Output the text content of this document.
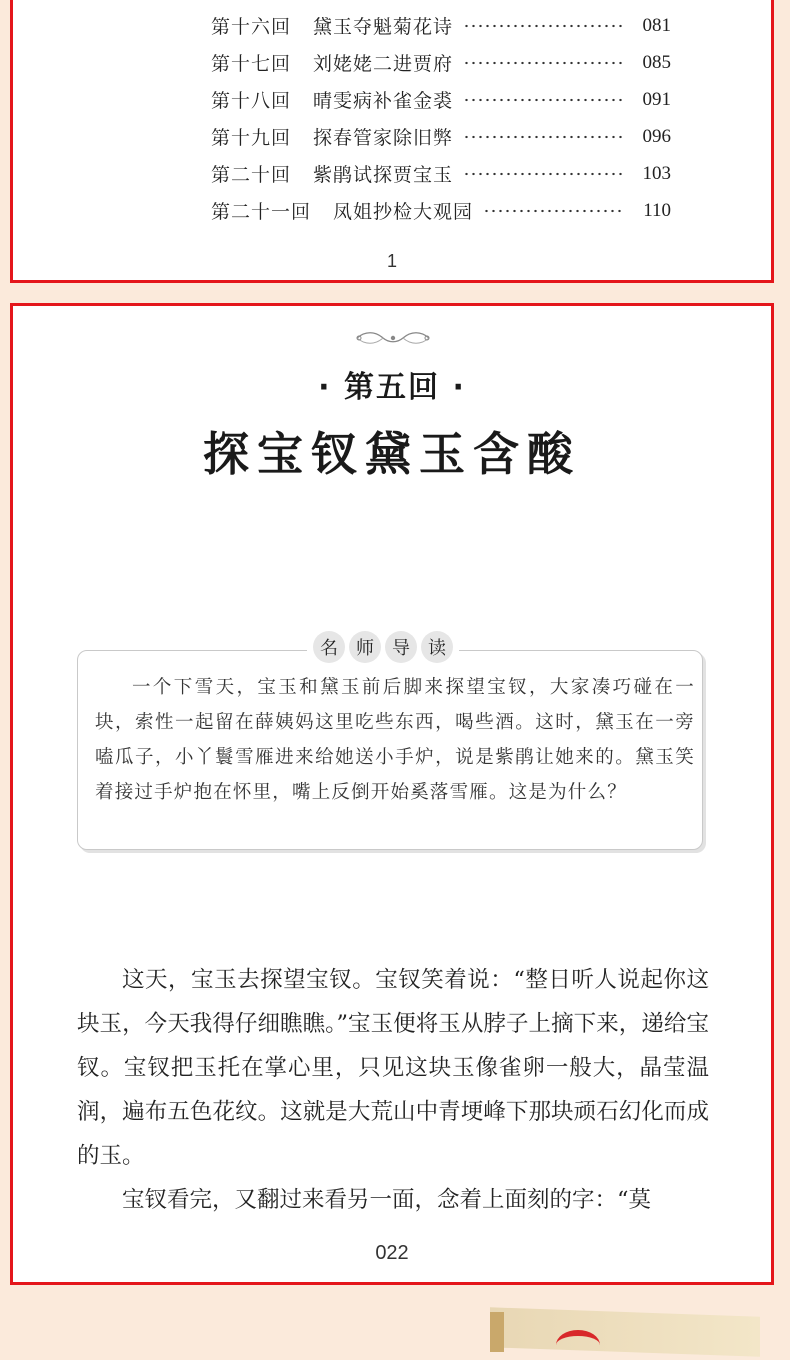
第十六回 黛玉夺魁菊花诗	081
第十七回 刘姥姥二进贾府	085
第十八回 晴雯病补雀金裘	091
第十九回 探春管家除旧弊	096
第二十回 紫鹃试探贾宝玉	103
第二十一回 凤姐抄检大观园	110
1
· 第五回 ·
探宝钗黛玉含酸
名	师	导	读
一个下雪天，宝玉和黛玉前后脚来探望宝钗，大家凑巧碰在一块，索性一起留在薛姨妈这里吃些东西，喝些酒。这时，黛玉在一旁嗑瓜子，小丫鬟雪雁进来给她送小手炉，说是紫鹃让她来的。黛玉笑着接过手炉抱在怀里，嘴上反倒开始奚落雪雁。这是为什么？

这天，宝玉去探望宝钗。宝钗笑着说：“整日听人说起你这块玉，今天我得仔细瞧瞧。”宝玉便将玉从脖子上摘下来，递给宝钗。宝钗把玉托在掌心里，只见这块玉像雀卵一般大，晶莹温润，遍布五色花纹。这就是大荒山中青埂峰下那块顽石幻化而成的玉。

宝钗看完，又翻过来看另一面，念着上面刻的字：“莫

022
